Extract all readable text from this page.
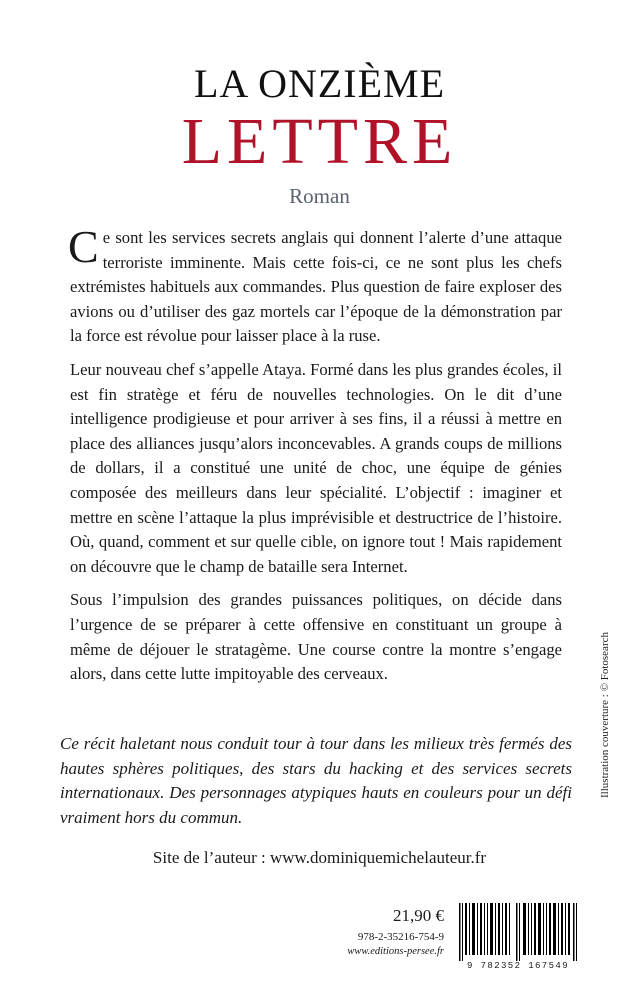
LA ONZIÈME
LETTRE
Roman

Ce sont les services secrets anglais qui donnent l’alerte d’une attaque terroriste imminente. Mais cette fois-ci, ce ne sont plus les chefs extrémistes habituels aux commandes. Plus question de faire exploser des avions ou d’utiliser des gaz mortels car l’époque de la démonstration par la force est révolue pour laisser place à la ruse.

Leur nouveau chef s’appelle Ataya. Formé dans les plus grandes écoles, il est fin stratège et féru de nouvelles technologies. On le dit d’une intelligence prodigieuse et pour arriver à ses fins, il a réussi à mettre en place des alliances jusqu’alors inconcevables. A grands coups de millions de dollars, il a constitué une unité de choc, une équipe de génies composée des meilleurs dans leur spécialité. L’objectif : imaginer et mettre en scène l’attaque la plus imprévisible et destructrice de l’histoire. Où, quand, comment et sur quelle cible, on ignore tout ! Mais rapidement on découvre que le champ de bataille sera Internet.

Sous l’impulsion des grandes puissances politiques, on décide dans l’urgence de se préparer à cette offensive en constituant un groupe à même de déjouer le stratagème. Une course contre la montre s’engage alors, dans cette lutte impitoyable des cerveaux.

Ce récit haletant nous conduit tour à tour dans les milieux très fermés des hautes sphères politiques, des stars du hacking et des services secrets internationaux. Des personnages atypiques hauts en couleurs pour un défi vraiment hors du commun.
Site de l’auteur : www.dominiquemichelauteur.fr
Illustration couverture : © Fotosearch
21,90 €
978-2-35216-754-9
www.editions-persee.fr
9 782352 167549
